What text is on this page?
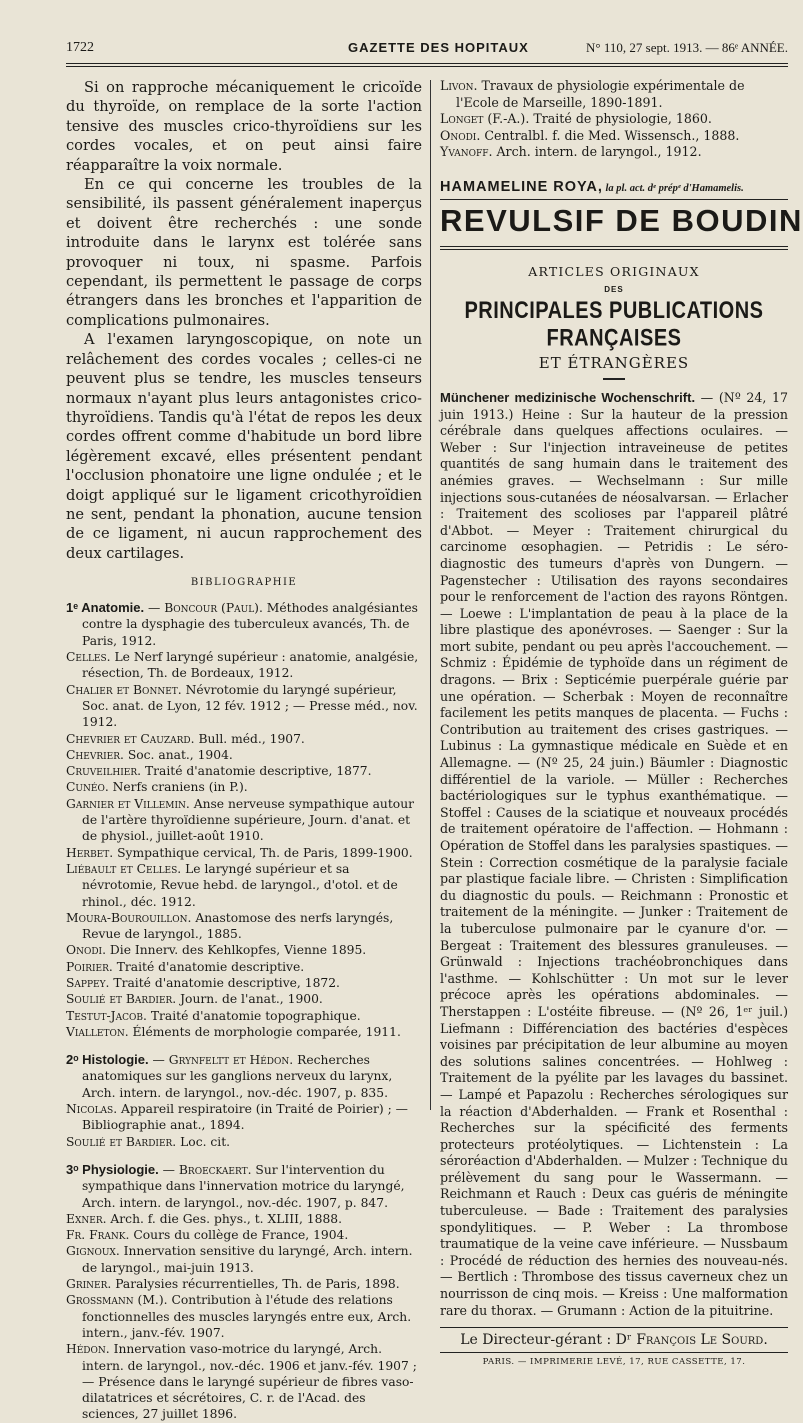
1722	GAZETTE DES HOPITAUX	N° 110, 27 sept. 1913. — 86ᵉ ANNÉE.

Si on rapproche mécaniquement le cricoïde du thyroïde, on remplace de la sorte l'action tensive des muscles crico-thyroïdiens sur les cordes vocales, et on peut ainsi faire réapparaître la voix normale.

En ce qui concerne les troubles de la sensibilité, ils passent généralement inaperçus et doivent être recherchés : une sonde introduite dans le larynx est tolérée sans provoquer ni toux, ni spasme. Parfois cependant, ils permettent le passage de corps étrangers dans les bronches et l'apparition de complications pulmonaires.

A l'examen laryngoscopique, on note un relâchement des cordes vocales ; celles-ci ne peuvent plus se tendre, les muscles tenseurs normaux n'ayant plus leurs antagonistes crico-thyroïdiens. Tandis qu'à l'état de repos les deux cordes offrent comme d'habitude un bord libre légèrement excavé, elles présentent pendant l'occlusion phonatoire une ligne ondulée ; et le doigt appliqué sur le ligament cricothyroïdien ne sent, pendant la phonation, aucune tension de ce ligament, ni aucun rapprochement des deux cartilages.

BIBLIOGRAPHIE

1ᵉ Anatomie. — Boncour (Paul). Méthodes analgésiantes contre la dysphagie des tuberculeux avancés, Th. de Paris, 1912.

Celles. Le Nerf laryngé supérieur : anatomie, analgésie, résection, Th. de Bordeaux, 1912.

Chalier et Bonnet. Névrotomie du laryngé supérieur, Soc. anat. de Lyon, 12 fév. 1912 ; — Presse méd., nov. 1912.

Chevrier et Cauzard. Bull. méd., 1907.

Chevrier. Soc. anat., 1904.

Cruveilhier. Traité d'anatomie descriptive, 1877.

Cunéo. Nerfs craniens (in P.).

Garnier et Villemin. Anse nerveuse sympathique autour de l'artère thyroïdienne supérieure, Journ. d'anat. et de physiol., juillet-août 1910.

Herbet. Sympathique cervical, Th. de Paris, 1899-1900.

Liébault et Celles. Le laryngé supérieur et sa névrotomie, Revue hebd. de laryngol., d'otol. et de rhinol., déc. 1912.

Moura-Bourouillon. Anastomose des nerfs laryngés, Revue de laryngol., 1885.

Onodi. Die Innerv. des Kehlkopfes, Vienne 1895.

Poirier. Traité d'anatomie descriptive.

Sappey. Traité d'anatomie descriptive, 1872.

Soulié et Bardier. Journ. de l'anat., 1900.

Testut-Jacob. Traité d'anatomie topographique.

Vialleton. Éléments de morphologie comparée, 1911.

2ᵒ Histologie. — Grynfeltt et Hédon. Recherches anatomiques sur les ganglions nerveux du larynx, Arch. intern. de laryngol., nov.-déc. 1907, p. 835.

Nicolas. Appareil respiratoire (in Traité de Poirier) ; — Bibliographie anat., 1894.

Soulié et Bardier. Loc. cit.

3ᵒ Physiologie. — Broeckaert. Sur l'intervention du sympathique dans l'innervation motrice du laryngé, Arch. intern. de laryngol., nov.-déc. 1907, p. 847.

Exner. Arch. f. die Ges. phys., t. XLIII, 1888.

Fr. Frank. Cours du collège de France, 1904.

Gignoux. Innervation sensitive du laryngé, Arch. intern. de laryngol., mai-juin 1913.

Griner. Paralysies récurrentielles, Th. de Paris, 1898.

Grossmann (M.). Contribution à l'étude des relations fonctionnelles des muscles laryngés entre eux, Arch. intern., janv.-fév. 1907.

Hédon. Innervation vaso-motrice du laryngé, Arch. intern. de laryngol., nov.-déc. 1906 et janv.-fév. 1907 ; — Présence dans le laryngé supérieur de fibres vaso-dilatatrices et sécrétoires, C. r. de l'Acad. des sciences, 27 juillet 1896.

Livon. Travaux de physiologie expérimentale de l'Ecole de Marseille, 1890-1891.

Longet (F.-A.). Traité de physiologie, 1860.

Onodi. Centralbl. f. die Med. Wissensch., 1888.

Yvanoff. Arch. intern. de laryngol., 1912.

HAMAMELINE ROYA, la pl. act. dᵉ prépᵉ d'Hamamelis.
REVULSIF DE BOUDIN
ARTICLES ORIGINAUX
DES
PRINCIPALES PUBLICATIONS FRANÇAISES
ET ÉTRANGÈRES

Münchener medizinische Wochenschrift. — (Nº 24, 17 juin 1913.) Heine : Sur la hauteur de la pression cérébrale dans quelques affections oculaires. — Weber : Sur l'injection intraveineuse de petites quantités de sang humain dans le traitement des anémies graves. — Wechselmann : Sur mille injections sous-cutanées de néosalvarsan. — Erlacher : Traitement des scolioses par l'appareil plâtré d'Abbot. — Meyer : Traitement chirurgical du carcinome œsophagien. — Petridis : Le séro-diagnostic des tumeurs d'après von Dungern. — Pagenstecher : Utilisation des rayons secondaires pour le renforcement de l'action des rayons Röntgen. — Loewe : L'implantation de peau à la place de la libre plastique des aponévroses. — Saenger : Sur la mort subite, pendant ou peu après l'accouchement. — Schmiz : Épidémie de typhoïde dans un régiment de dragons. — Brix : Septicémie puerpérale guérie par une opération. — Scherbak : Moyen de reconnaître facilement les petits manques de placenta. — Fuchs : Contribution au traitement des crises gastriques. — Lubinus : La gymnastique médicale en Suède et en Allemagne. — (Nº 25, 24 juin.) Bäumler : Diagnostic différentiel de la variole. — Müller : Recherches bactériologiques sur le typhus exanthématique. — Stoffel : Causes de la sciatique et nouveaux procédés de traitement opératoire de l'affection. — Hohmann : Opération de Stoffel dans les paralysies spastiques. — Stein : Correction cosmétique de la paralysie faciale par plastique faciale libre. — Christen : Simplification du diagnostic du pouls. — Reichmann : Pronostic et traitement de la méningite. — Junker : Traitement de la tuberculose pulmonaire par le cyanure d'or. — Bergeat : Traitement des blessures granuleuses. — Grünwald : Injections trachéobronchiques dans l'asthme. — Kohlschütter : Un mot sur le lever précoce après les opérations abdominales. — Therstappen : L'ostéite fibreuse. — (Nº 26, 1ᵉʳ juil.) Liefmann : Différenciation des bactéries d'espèces voisines par précipitation de leur albumine au moyen des solutions salines concentrées. — Hohlweg : Traitement de la pyélite par les lavages du bassinet. — Lampé et Papazolu : Recherches sérologiques sur la réaction d'Abderhalden. — Frank et Rosenthal : Recherches sur la spécificité des ferments protecteurs protéolytiques. — Lichtenstein : La séroréaction d'Abderhalden. — Mulzer : Technique du prélèvement du sang pour le Wassermann. — Reichmann et Rauch : Deux cas guéris de méningite tuberculeuse. — Bade : Traitement des paralysies spondylitiques. — P. Weber : La thrombose traumatique de la veine cave inférieure. — Nussbaum : Procédé de réduction des hernies des nouveau-nés. — Bertlich : Thrombose des tissus caverneux chez un nourrisson de cinq mois. — Kreiss : Une malformation rare du thorax. — Grumann : Action de la pituitrine.

Le Directeur-gérant : Dʳ François Le Sourd.
PARIS. — IMPRIMERIE LEVÉ, 17, RUE CASSETTE, 17.
